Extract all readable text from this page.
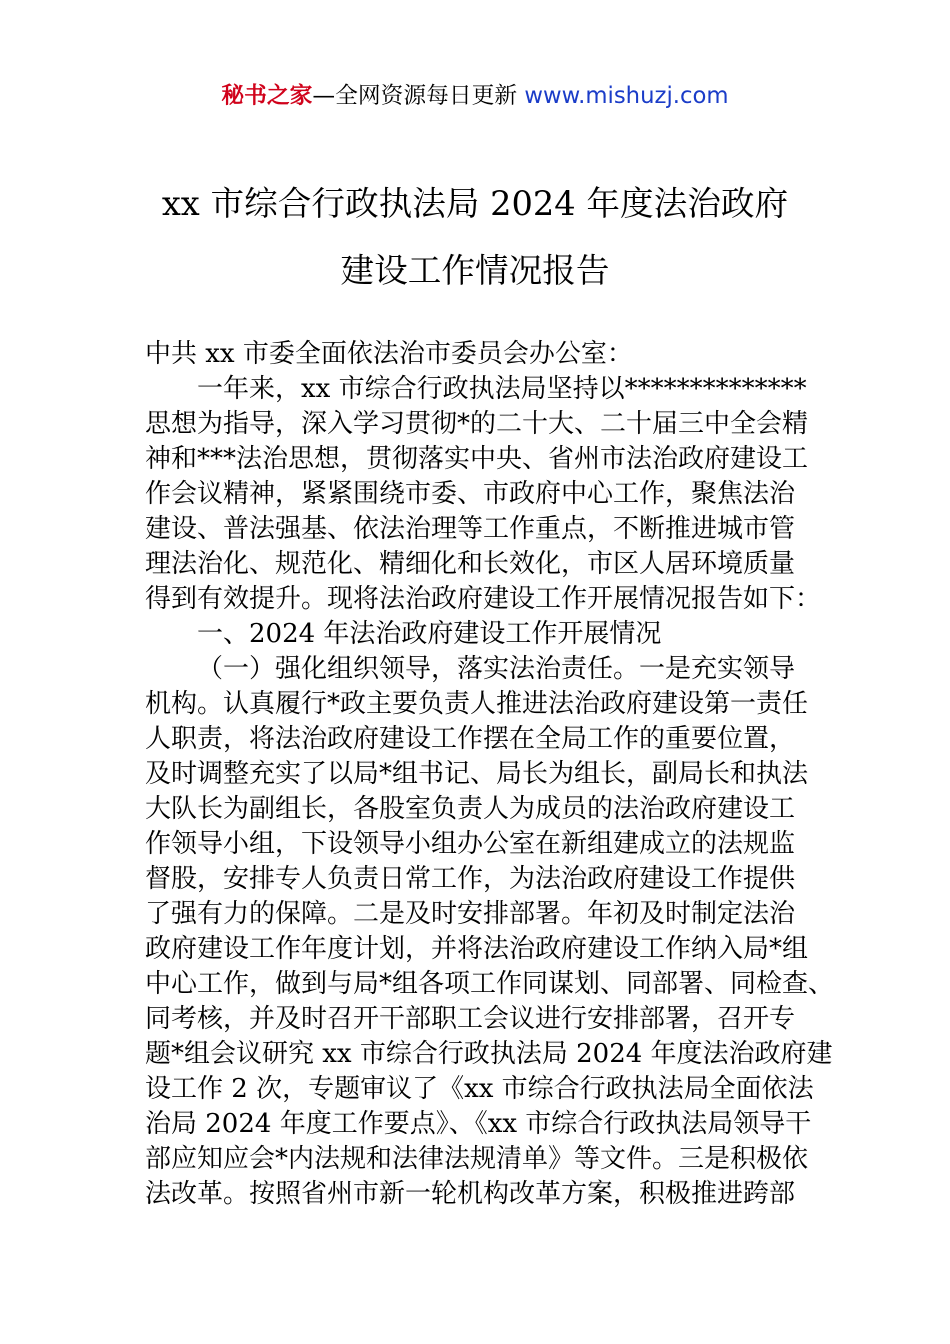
秘书之家—全网资源每日更新 www.mishuzj.com
xx 市综合行政执法局 2024 年度法治政府
建设工作情况报告
中共 xx 市委全面依法治市委员会办公室：
一年来，xx 市综合行政执法局坚持以**************
思想为指导，深入学习贯彻*的二十大、二十届三中全会精
神和***法治思想，贯彻落实中央、省州市法治政府建设工
作会议精神，紧紧围绕市委、市政府中心工作，聚焦法治
建设、普法强基、依法治理等工作重点，不断推进城市管
理法治化、规范化、精细化和长效化，市区人居环境质量
得到有效提升。现将法治政府建设工作开展情况报告如下：
一、2024 年法治政府建设工作开展情况
（一）强化组织领导，落实法治责任。一是充实领导
机构。认真履行*政主要负责人推进法治政府建设第一责任
人职责，将法治政府建设工作摆在全局工作的重要位置，
及时调整充实了以局*组书记、局长为组长，副局长和执法
大队长为副组长，各股室负责人为成员的法治政府建设工
作领导小组，下设领导小组办公室在新组建成立的法规监
督股，安排专人负责日常工作，为法治政府建设工作提供
了强有力的保障。二是及时安排部署。年初及时制定法治
政府建设工作年度计划，并将法治政府建设工作纳入局*组
中心工作，做到与局*组各项工作同谋划、同部署、同检查、
同考核，并及时召开干部职工会议进行安排部署，召开专
题*组会议研究 xx 市综合行政执法局 2024 年度法治政府建
设工作 2 次，专题审议了《xx 市综合行政执法局全面依法
治局 2024 年度工作要点》、《xx 市综合行政执法局领导干
部应知应会*内法规和法律法规清单》等文件。三是积极依
法改革。按照省州市新一轮机构改革方案，积极推进跨部
